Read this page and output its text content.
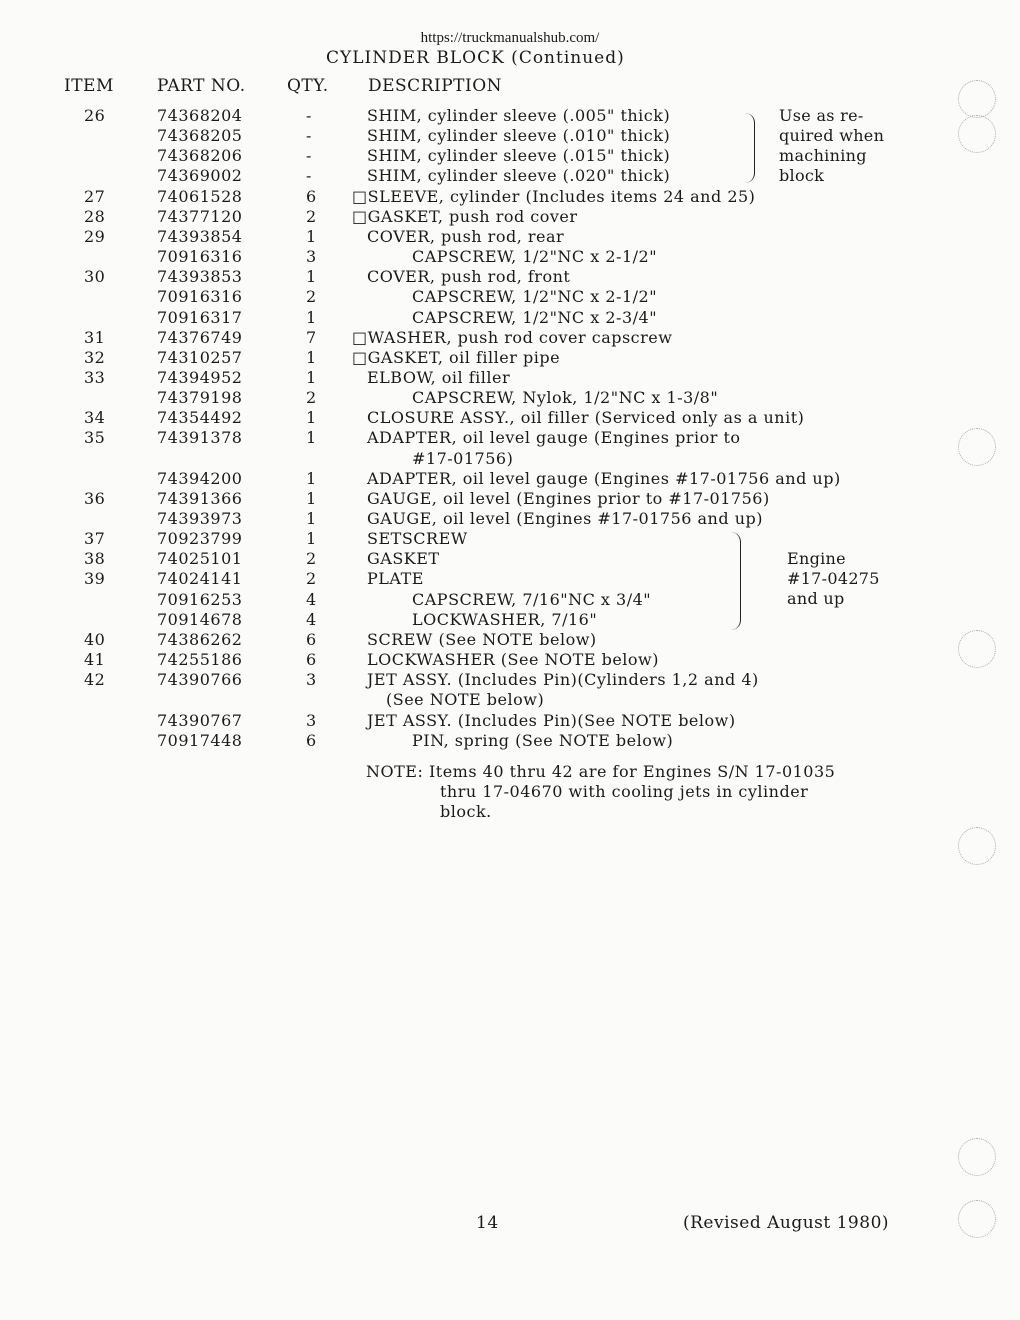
https://truckmanualshub.com/
CYLINDER BLOCK (Continued)
ITEM	PART NO. QTY. DESCRIPTION
26	74368204	-	SHIM, cylinder sleeve (.005" thick)
74368205	-	SHIM, cylinder sleeve (.010" thick)
74368206	-	SHIM, cylinder sleeve (.015" thick)
74369002	-	SHIM, cylinder sleeve (.020" thick)
27	74061528	6 □SLEEVE, cylinder (Includes items 24 and 25)
28	74377120	2 □GASKET, push rod cover
29	74393854	1	COVER, push rod, rear
70916316	3	CAPSCREW, 1/2"NC x 2-1/2"
30	74393853	1	COVER, push rod, front
70916316	2	CAPSCREW, 1/2"NC x 2-1/2"
70916317	1	CAPSCREW, 1/2"NC x 2-3/4"
31	74376749	7 □WASHER, push rod cover capscrew
32	74310257	1 □GASKET, oil filler pipe
33	74394952	1	ELBOW, oil filler
74379198	2	CAPSCREW, Nylok, 1/2"NC x 1-3/8"
34	74354492	1	CLOSURE ASSY., oil filler (Serviced only as a unit)
35	74391378	1	ADAPTER, oil level gauge (Engines prior to
#17-01756)
74394200	1	ADAPTER, oil level gauge (Engines #17-01756 and up)
36	74391366	1	GAUGE, oil level (Engines prior to #17-01756)
74393973	1	GAUGE, oil level (Engines #17-01756 and up)
37	70923799	1	SETSCREW
38	74025101	2	GASKET
39	74024141	2	PLATE
70916253	4	CAPSCREW, 7/16"NC x 3/4"
70914678	4	LOCKWASHER, 7/16"
40	74386262	6	SCREW (See NOTE below)
41	74255186	6	LOCKWASHER (See NOTE below)
42	74390766	3	JET ASSY. (Includes Pin)(Cylinders 1,2 and 4)
(See NOTE below)
74390767	3	JET ASSY. (Includes Pin)(See NOTE below)
70917448	6	PIN, spring (See NOTE below)
Use as re-
quired when
machining
block
Engine
#17-04275
and up
NOTE: Items 40 thru 42 are for Engines S/N 17-01035
thru 17-04670 with cooling jets in cylinder
block.
14	(Revised August 1980)
